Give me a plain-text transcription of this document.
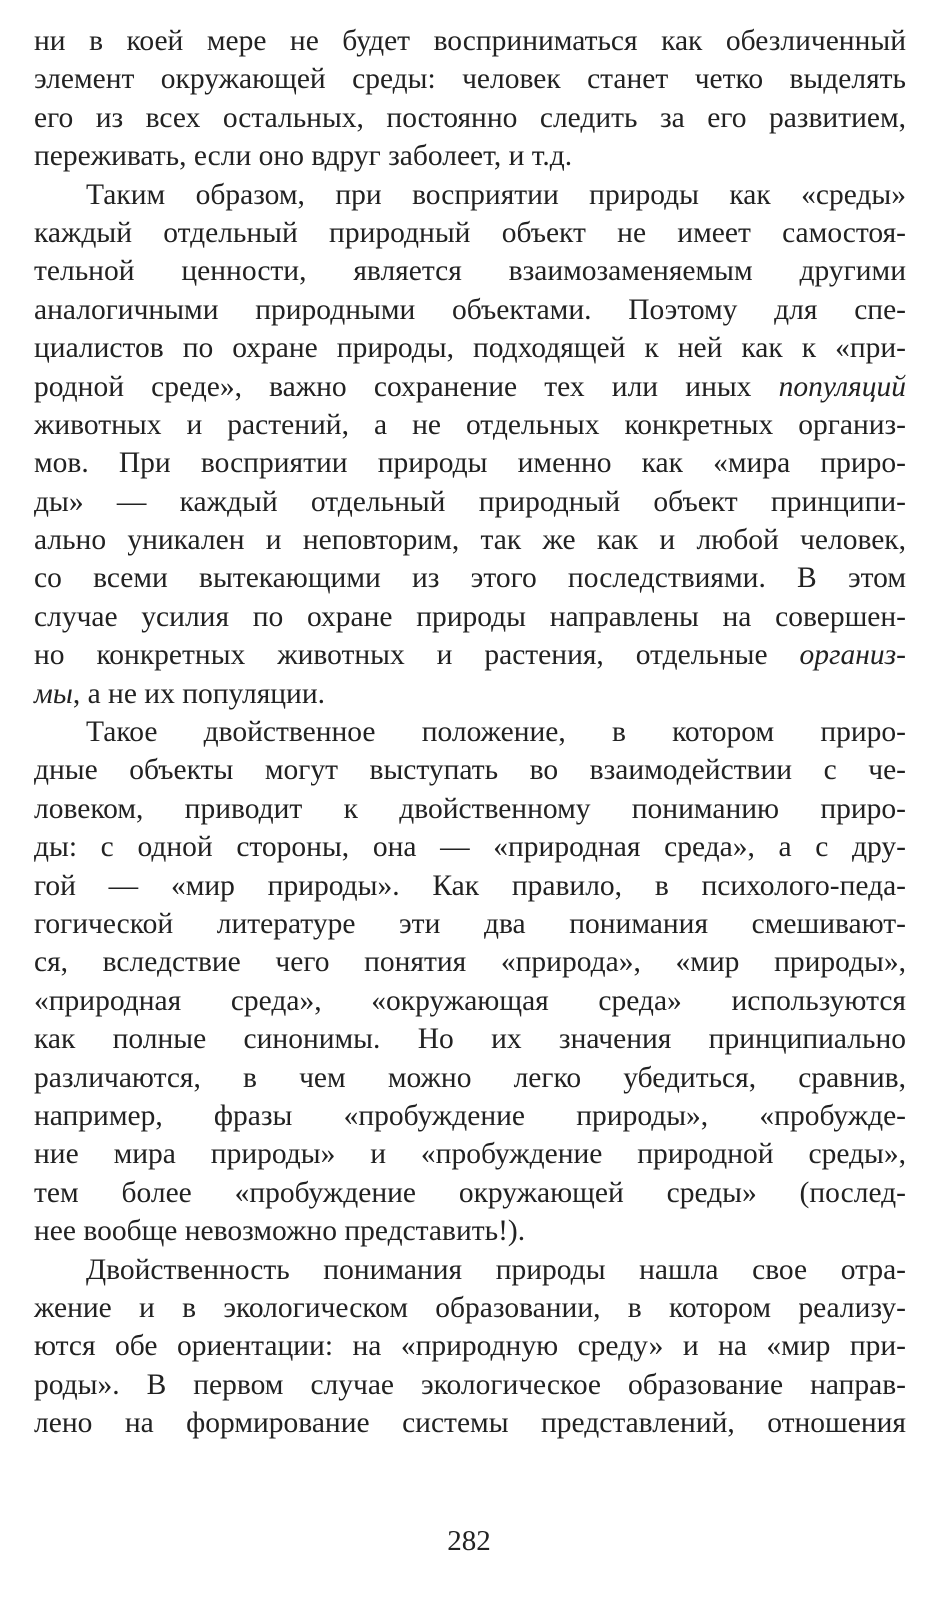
ни в коей мере не будет восприниматься как обезличенный
элемент окружающей среды: человек станет четко выделять
его из всех остальных, постоянно следить за его развитием,
переживать, если оно вдруг заболеет, и т.д.
Таким образом, при восприятии природы как «среды»
каждый отдельный природный объект не имеет самостоя-
тельной ценности, является взаимозаменяемым другими
аналогичными природными объектами. Поэтому для спе-
циалистов по охране природы, подходящей к ней как к «при-
родной среде», важно сохранение тех или иных популяций
животных и растений, а не отдельных конкретных организ-
мов. При восприятии природы именно как «мира приро-
ды» — каждый отдельный природный объект принципи-
ально уникален и неповторим, так же как и любой человек,
со всеми вытекающими из этого последствиями. В этом
случае усилия по охране природы направлены на совершен-
но конкретных животных и растения, отдельные организ-
мы, а не их популяции.
Такое двойственное положение, в котором приро-
дные объекты могут выступать во взаимодействии с че-
ловеком, приводит к двойственному пониманию приро-
ды: с одной стороны, она — «природная среда», а с дру-
гой — «мир природы». Как правило, в психолого-педа-
гогической литературе эти два понимания смешивают-
ся, вследствие чего понятия «природа», «мир природы»,
«природная среда», «окружающая среда» используются
как полные синонимы. Но их значения принципиально
различаются, в чем можно легко убедиться, сравнив,
например, фразы «пробуждение природы», «пробужде-
ние мира природы» и «пробуждение природной среды»,
тем более «пробуждение окружающей среды» (послед-
нее вообще невозможно представить!).
Двойственность понимания природы нашла свое отра-
жение и в экологическом образовании, в котором реализу-
ются обе ориентации: на «природную среду» и на «мир при-
роды». В первом случае экологическое образование направ-
лено на формирование системы представлений, отношения
282
